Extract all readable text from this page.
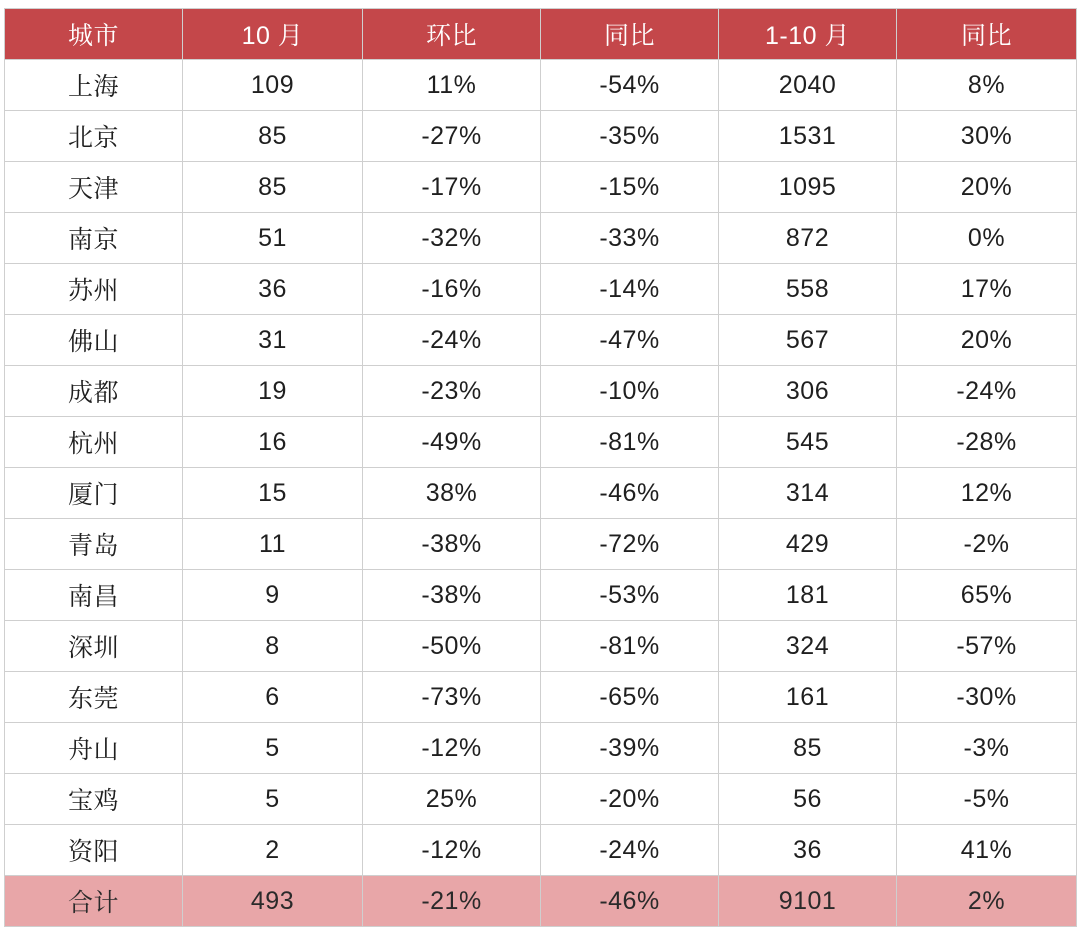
城市	10 月	环比	同比	1-10 月	同比
上海	109	11%	-54%	2040	8%
北京	85	-27%	-35%	1531	30%
天津	85	-17%	-15%	1095	20%
南京	51	-32%	-33%	872	0%
苏州	36	-16%	-14%	558	17%
佛山	31	-24%	-47%	567	20%
成都	19	-23%	-10%	306	-24%
杭州	16	-49%	-81%	545	-28%
厦门	15	38%	-46%	314	12%
青岛	11	-38%	-72%	429	-2%
南昌	9	-38%	-53%	181	65%
深圳	8	-50%	-81%	324	-57%
东莞	6	-73%	-65%	161	-30%
舟山	5	-12%	-39%	85	-3%
宝鸡	5	25%	-20%	56	-5%
资阳	2	-12%	-24%	36	41%
合计	493	-21%	-46%	9101	2%
